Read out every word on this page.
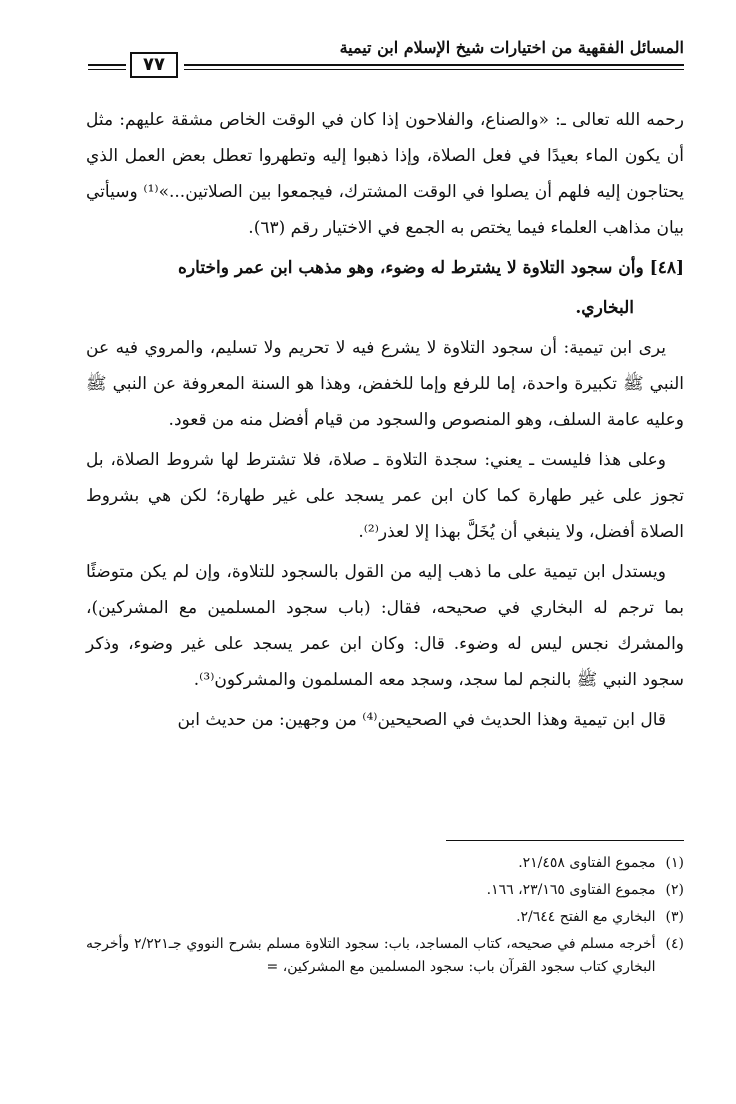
المسائل الفقهية من اختيارات شيخ الإسلام ابن تيمية
٧٧

رحمه الله تعالى ـ: «والصناع، والفلاحون إذا كان في الوقت الخاص مشقة عليهم: مثل أن يكون الماء بعيدًا في فعل الصلاة، وإذا ذهبوا إليه وتطهروا تعطل بعض العمل الذي يحتاجون إليه فلهم أن يصلوا في الوقت المشترك، فيجمعوا بين الصلاتين...»⁽¹⁾ وسيأتي بيان مذاهب العلماء فيما يختص به الجمع في الاختيار رقم (٦٣).

[٤٨] وأن سجود التلاوة لا يشترط له وضوء، وهو مذهب ابن عمر واختاره

البخاري.

يرى ابن تيمية: أن سجود التلاوة لا يشرع فيه لا تحريم ولا تسليم، والمروي فيه عن النبي ﷺ تكبيرة واحدة، إما للرفع وإما للخفض، وهذا هو السنة المعروفة عن النبي ﷺ وعليه عامة السلف، وهو المنصوص والسجود من قيام أفضل منه من قعود.

وعلى هذا فليست ـ يعني: سجدة التلاوة ـ صلاة، فلا تشترط لها شروط الصلاة، بل تجوز على غير طهارة كما كان ابن عمر يسجد على غير طهارة؛ لكن هي بشروط الصلاة أفضل، ولا ينبغي أن يُخَلَّ بهذا إلا لعذر⁽²⁾.

ويستدل ابن تيمية على ما ذهب إليه من القول بالسجود للتلاوة، وإن لم يكن متوضئًا بما ترجم له البخاري في صحيحه، فقال: (باب سجود المسلمين مع المشركين)، والمشرك نجس ليس له وضوء. قال: وكان ابن عمر يسجد على غير وضوء، وذكر سجود النبي ﷺ بالنجم لما سجد، وسجد معه المسلمون والمشركون⁽³⁾.

قال ابن تيمية وهذا الحديث في الصحيحين⁽⁴⁾ من وجهين: من حديث ابن

(١)
مجموع الفتاوى ٢١/٤٥٨.
(٢)
مجموع الفتاوى ٢٣/١٦٥، ١٦٦.
(٣)
البخاري مع الفتح ٢/٦٤٤.
(٤)
أخرجه مسلم في صحيحه، كتاب المساجد، باب: سجود التلاوة مسلم بشرح النووي جـ٢/٢٢١ وأخرجه البخاري كتاب سجود القرآن باب: سجود المسلمين مع المشركين، =
